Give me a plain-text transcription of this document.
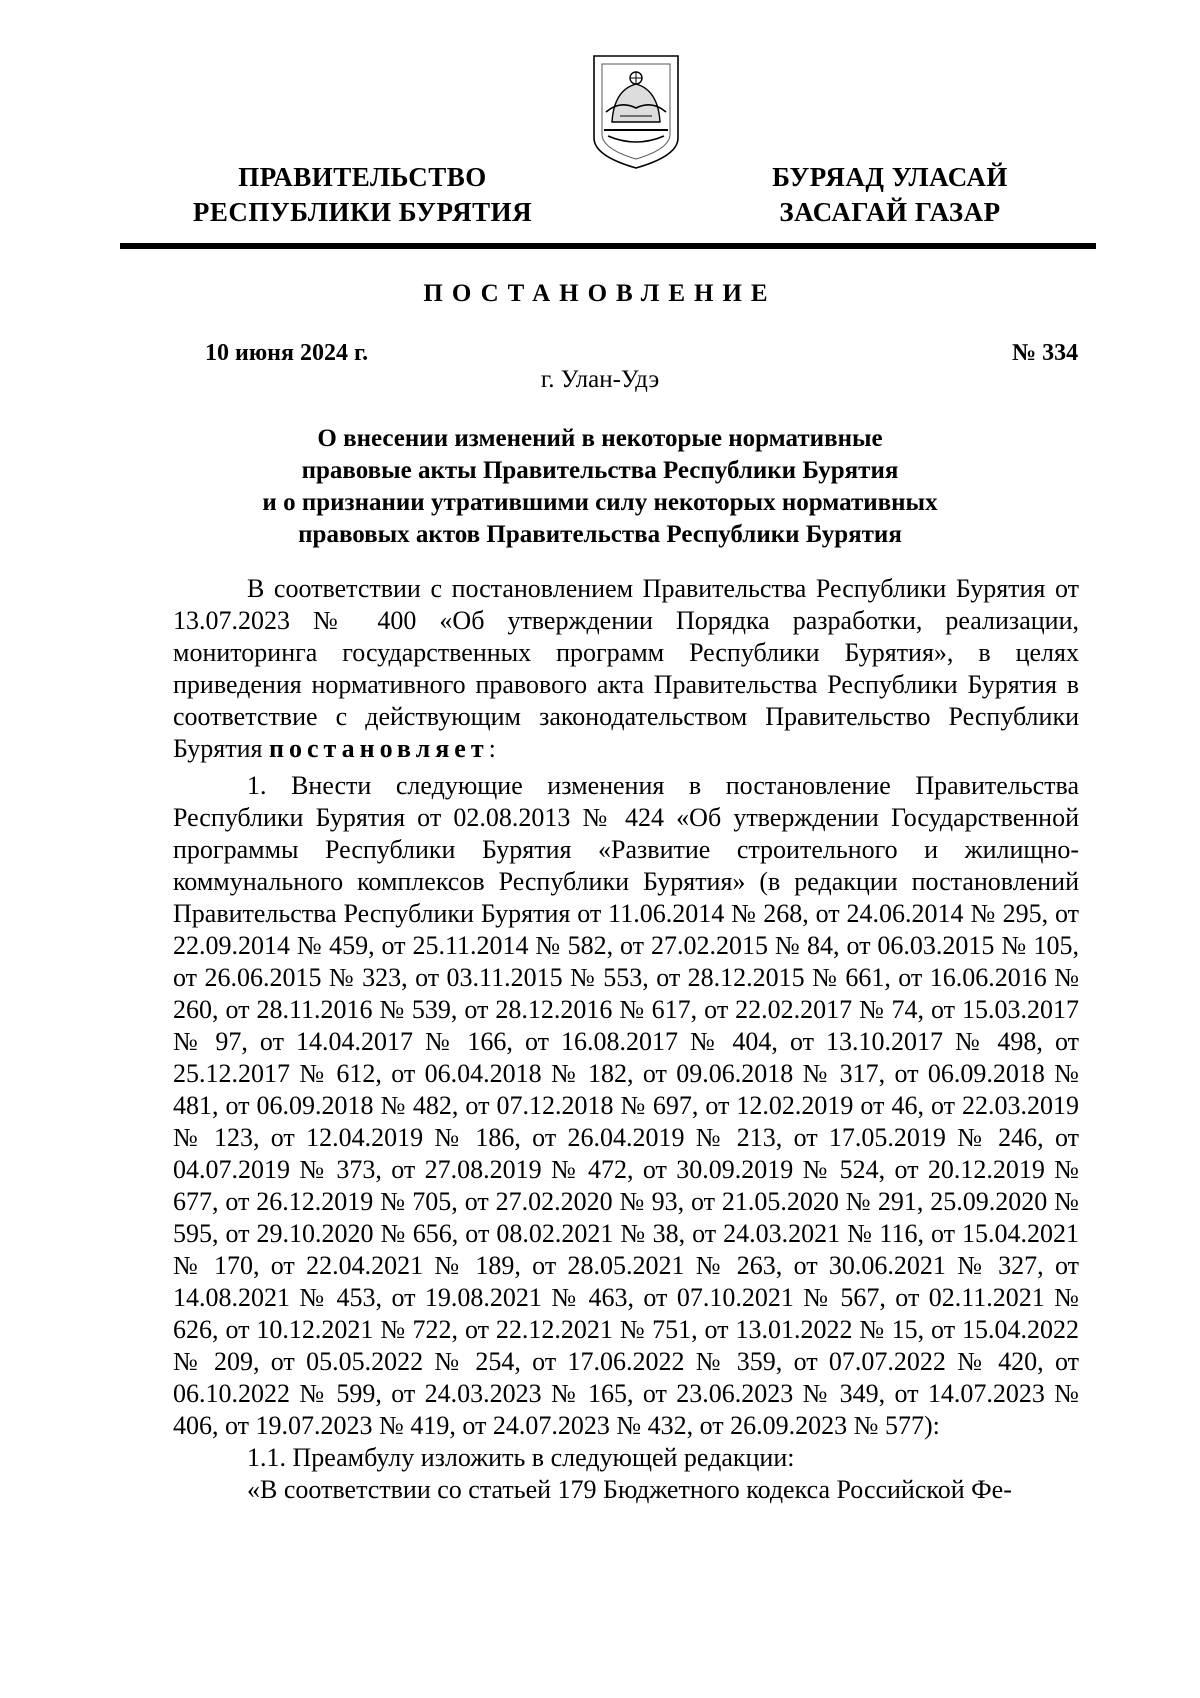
ПРАВИТЕЛЬСТВО
РЕСПУБЛИКИ БУРЯТИЯ
БУРЯАД УЛАСАЙ
ЗАСАГАЙ ГАЗАР
ПОСТАНОВЛЕНИЕ
10 июня 2024 г.	№ 334
г. Улан-Удэ
О внесении изменений в некоторые нормативные
правовые акты Правительства Республики Бурятия
и о признании утратившими силу некоторых нормативных
правовых актов Правительства Республики Бурятия

В соответствии с постановлением Правительства Республики Бурятия от 13.07.2023 № 400 «Об утверждении Порядка разработки, реализации, мониторинга государственных программ Республики Бурятия», в целях приведения нормативного правового акта Правительства Республики Бурятия в соответствие с действующим законодательством Правительство Республики Бурятия постановляет:

1. Внести следующие изменения в постановление Правительства Республики Бурятия от 02.08.2013 № 424 «Об утверждении Государственной программы Республики Бурятия «Развитие строительного и жилищно-коммунального комплексов Республики Бурятия» (в редакции постановлений Правительства Республики Бурятия от 11.06.2014 № 268, от 24.06.2014 № 295, от 22.09.2014 № 459, от 25.11.2014 № 582, от 27.02.2015 № 84, от 06.03.2015 № 105, от 26.06.2015 № 323, от 03.11.2015 № 553, от 28.12.2015 № 661, от 16.06.2016 № 260, от 28.11.2016 № 539, от 28.12.2016 № 617, от 22.02.2017 № 74, от 15.03.2017 № 97, от 14.04.2017 № 166, от 16.08.2017 № 404, от 13.10.2017 № 498, от 25.12.2017 № 612, от 06.04.2018 № 182, от 09.06.2018 № 317, от 06.09.2018 № 481, от 06.09.2018 № 482, от 07.12.2018 № 697, от 12.02.2019 от 46, от 22.03.2019 № 123, от 12.04.2019 № 186, от 26.04.2019 № 213, от 17.05.2019 № 246, от 04.07.2019 № 373, от 27.08.2019 № 472, от 30.09.2019 № 524, от 20.12.2019 № 677, от 26.12.2019 № 705, от 27.02.2020 № 93, от 21.05.2020 № 291, 25.09.2020 № 595, от 29.10.2020 № 656, от 08.02.2021 № 38, от 24.03.2021 № 116, от 15.04.2021 № 170, от 22.04.2021 № 189, от 28.05.2021 № 263, от 30.06.2021 № 327, от 14.08.2021 № 453, от 19.08.2021 № 463, от 07.10.2021 № 567, от 02.11.2021 № 626, от 10.12.2021 № 722, от 22.12.2021 № 751, от 13.01.2022 № 15, от 15.04.2022 № 209, от 05.05.2022 № 254, от 17.06.2022 № 359, от 07.07.2022 № 420, от 06.10.2022 № 599, от 24.03.2023 № 165, от 23.06.2023 № 349, от 14.07.2023 № 406, от 19.07.2023 № 419, от 24.07.2023 № 432, от 26.09.2023 № 577):

1.1. Преамбулу изложить в следующей редакции:

«В соответствии со статьей 179 Бюджетного кодекса Российской Фе-
